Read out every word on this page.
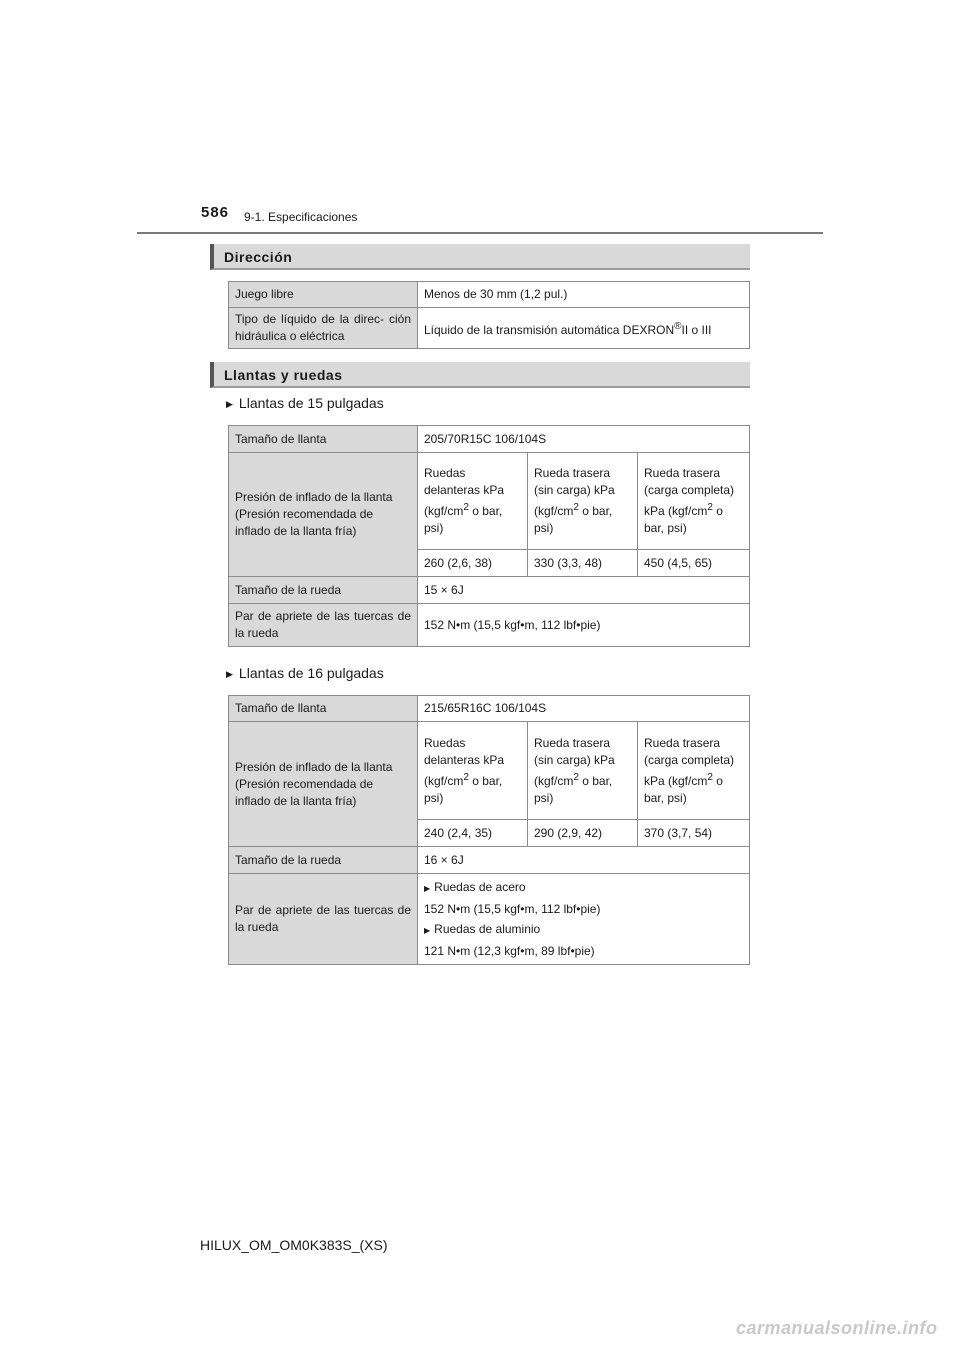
586 9-1. Especificaciones
Dirección
Juego libre	Menos de 30 mm (1,2 pul.)
Tipo de líquido de la direc- ción hidráulica o eléctrica	Líquido de la transmisión automática DEXRON®II o III
Llantas y ruedas
▶ Llantas de 15 pulgadas
Tamaño de llanta	205/70R15C 106/104S		
Presión de inflado de la llanta (Presión recomendada de inflado de la llanta fría)	Ruedas delanteras kPa ($kgf/cm^2$ o bar, psi)	Rueda trasera (sin carga) kPa ($kgf/cm^2$ o bar, psi)	Rueda trasera (carga completa) kPa ($kgf/cm^2$ o bar, psi)
	260 (2,6, 38)	330 (3,3, 48)	450 (4,5, 65)
Tamaño de la rueda	15 × 6J		
Par de apriete de las tuercas de la rueda	152 N•m (15,5 kgf•m, 112 lbf•pie)		
▶ Llantas de 16 pulgadas
Tamaño de llanta	215/65R16C 106/104S		
Presión de inflado de la llanta (Presión recomendada de inflado de la llanta fría)	Ruedas delanteras kPa ($kgf/cm^2$ o bar, psi)	Rueda trasera (sin carga) kPa ($kgf/cm^2$ o bar, psi)	Rueda trasera (carga completa) kPa ($kgf/cm^2$ o bar, psi)
	240 (2,4, 35)	290 (2,9, 42)	370 (3,7, 54)
Tamaño de la rueda	16 × 6J		
Par de apriete de las tuercas de la rueda	▶ Ruedas de acero
152 N•m (15,5 kgf•m, 112 lbf•pie)
▶ Ruedas de aluminio
121 N•m (12,3 kgf•m, 89 lbf•pie)		
HILUX_OM_OM0K383S_(XS)
carmanualsonline.info
